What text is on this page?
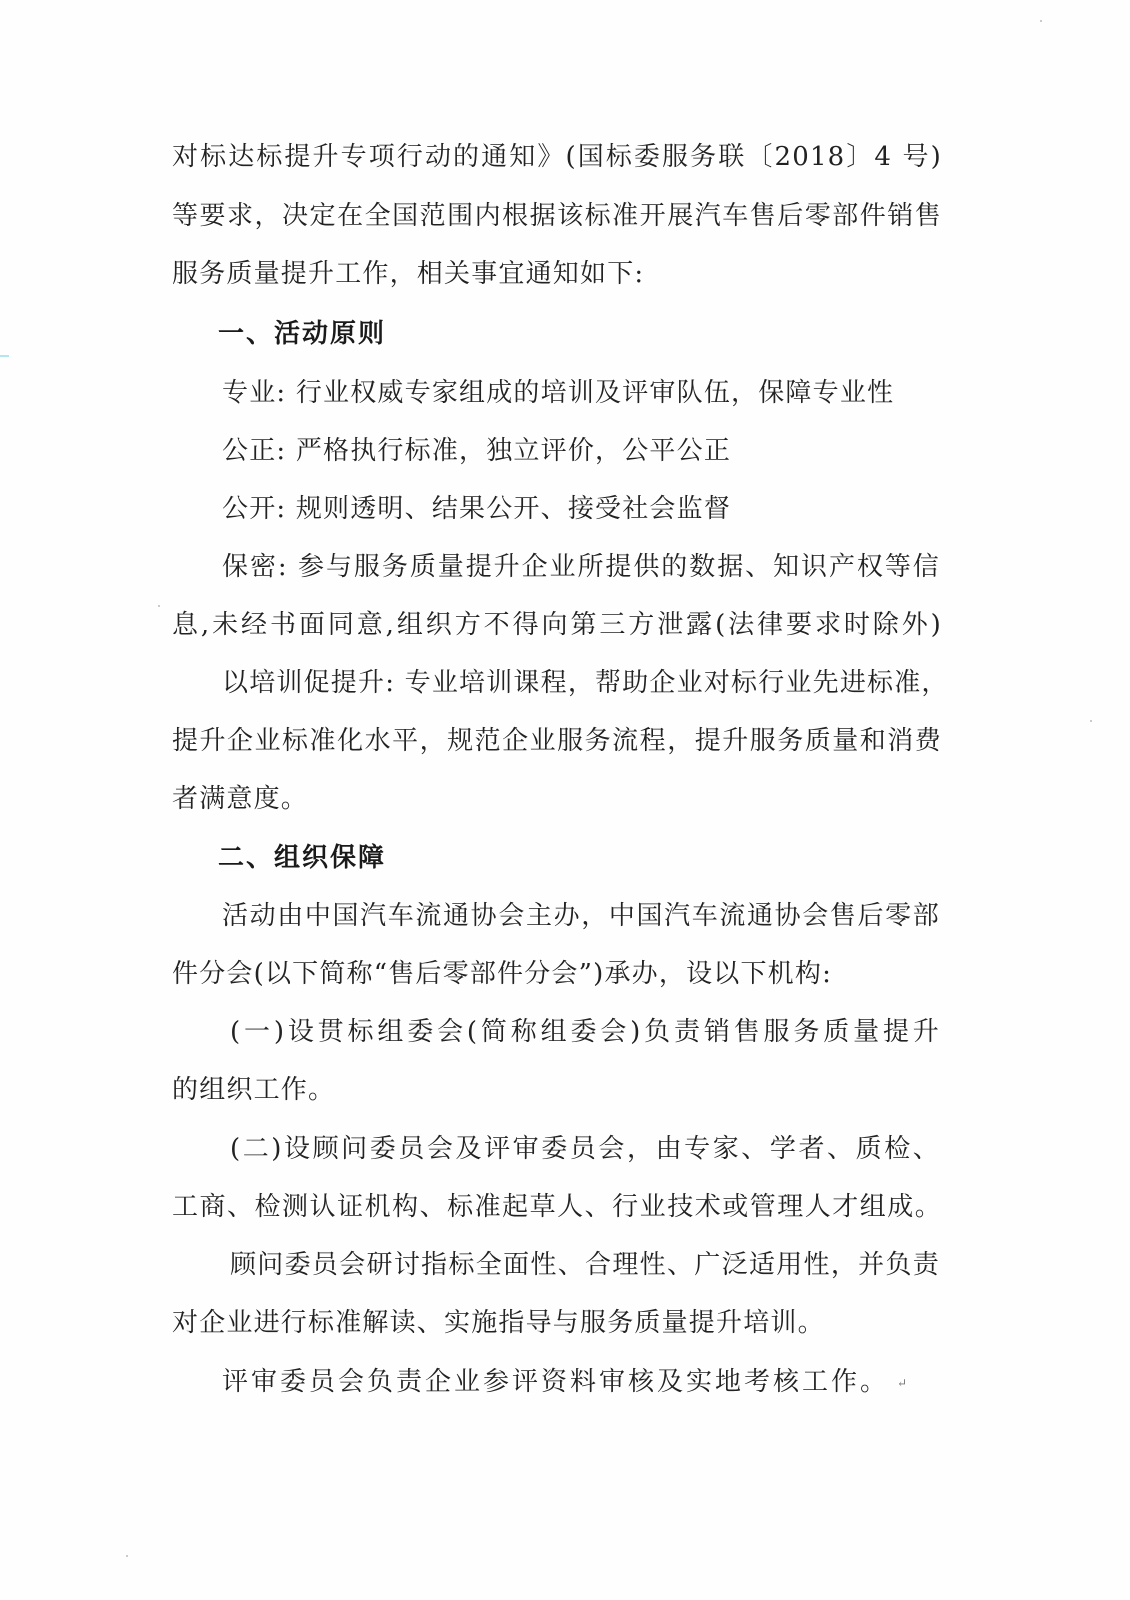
对标达标提升专项行动的通知》(国标委服务联〔2018〕4 号)
等要求，决定在全国范围内根据该标准开展汽车售后零部件销售
服务质量提升工作，相关事宜通知如下:
一、活动原则
专业: 行业权威专家组成的培训及评审队伍，保障专业性
公正: 严格执行标准，独立评价，公平公正
公开: 规则透明、结果公开、接受社会监督
保密: 参与服务质量提升企业所提供的数据、知识产权等信
息,未经书面同意,组织方不得向第三方泄露(法律要求时除外)
以培训促提升: 专业培训课程，帮助企业对标行业先进标准，
提升企业标准化水平，规范企业服务流程，提升服务质量和消费
者满意度。
二、组织保障
活动由中国汽车流通协会主办，中国汽车流通协会售后零部
件分会(以下简称“售后零部件分会”)承办，设以下机构:
(一)设贯标组委会(简称组委会)负责销售服务质量提升
的组织工作。
(二)设顾问委员会及评审委员会，由专家、学者、质检、
工商、检测认证机构、标准起草人、行业技术或管理人才组成。
顾问委员会研讨指标全面性、合理性、广泛适用性，并负责
对企业进行标准解读、实施指导与服务质量提升培训。
评审委员会负责企业参评资料审核及实地考核工作。 ↵
